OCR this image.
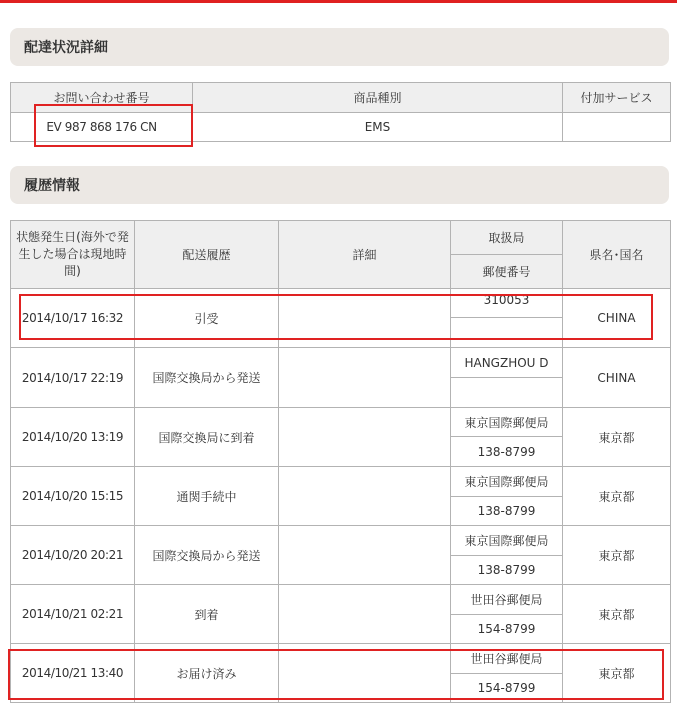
配達状況詳細
お問い合わせ番号	商品種別	付加サービス
EV 987 868 176 CN	EMS	
履歴情報
状態発生日(海外で発生した場合は現地時間)	配送履歴	詳細	取扱局	県名･国名
			郵便番号	
2014/10/17 16:32	引受		310053	CHINA

2014/10/17 22:19	国際交換局から発送		HANGZHOU D	CHINA

2014/10/20 13:19	国際交換局に到着		東京国際郵便局	東京都
			138-8799	
2014/10/20 15:15	通関手続中		東京国際郵便局	東京都
			138-8799	
2014/10/20 20:21	国際交換局から発送		東京国際郵便局	東京都
			138-8799	
2014/10/21 02:21	到着		世田谷郵便局	東京都
			154-8799	
2014/10/21 13:40	お届け済み		世田谷郵便局	東京都
			154-8799	
